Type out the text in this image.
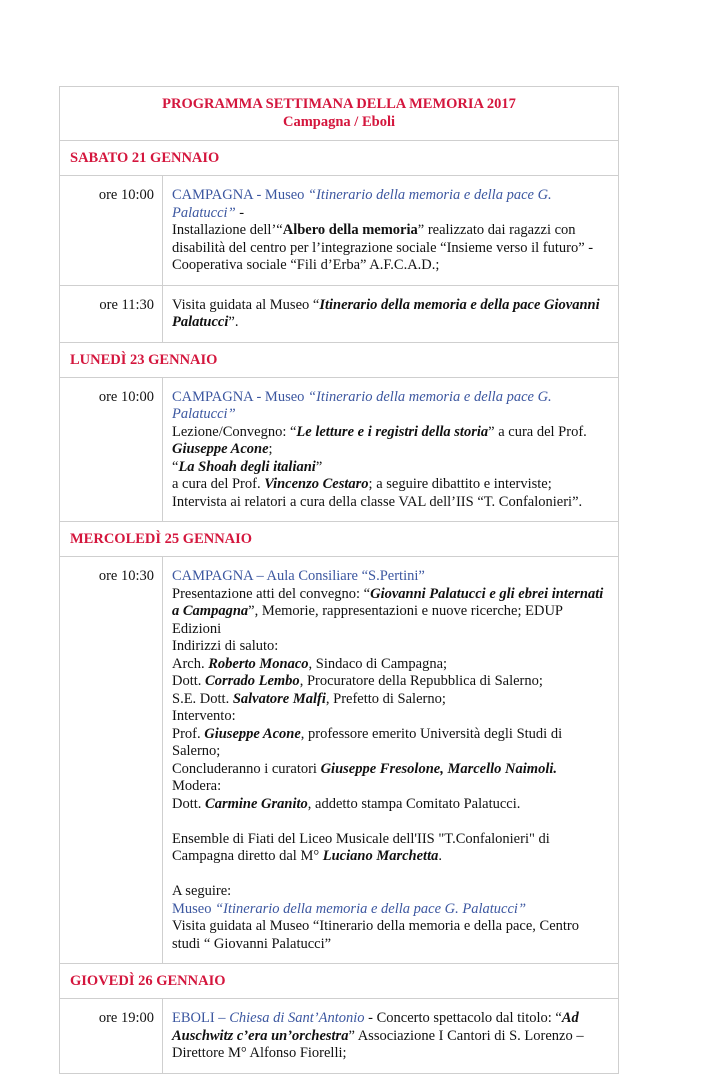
PROGRAMMA SETTIMANA DELLA MEMORIA 2017
Campagna / Eboli
SABATO 21 GENNAIO
ore 10:00	CAMPAGNA - Museo “Itinerario della memoria e della pace G. Palatucci” -
Installazione dell’“Albero della memoria” realizzato dai ragazzi con disabilità del centro per l’integrazione sociale “Insieme verso il futuro” - Cooperativa sociale “Fili d’Erba” A.F.C.A.D.;
ore 11:30	Visita guidata al Museo “Itinerario della memoria e della pace Giovanni Palatucci”.
LUNEDÌ 23 GENNAIO
ore 10:00	CAMPAGNA - Museo “Itinerario della memoria e della pace G. Palatucci”
Lezione/Convegno: “Le letture e i registri della storia” a cura del Prof. Giuseppe Acone;
“La Shoah degli italiani”
a cura del Prof. Vincenzo Cestaro; a seguire dibattito e interviste; Intervista ai relatori a cura della classe VAL dell’IIS “T. Confalonieri”.
MERCOLEDÌ 25 GENNAIO
ore 10:30	CAMPAGNA – Aula Consiliare “S.Pertini”
Presentazione atti del convegno: “Giovanni Palatucci e gli ebrei internati a Campagna”, Memorie, rappresentazioni e nuove ricerche; EDUP Edizioni
Indirizzi di saluto:
Arch. Roberto Monaco, Sindaco di Campagna;
Dott. Corrado Lembo, Procuratore della Repubblica di Salerno;
S.E. Dott. Salvatore Malfi, Prefetto di Salerno;
Intervento:
Prof. Giuseppe Acone, professore emerito Università degli Studi di Salerno;
Concluderanno i curatori Giuseppe Fresolone, Marcello Naimoli.
Modera:
Dott. Carmine Granito, addetto stampa Comitato Palatucci.
Ensemble di Fiati del Liceo Musicale dell'IIS "T.Confalonieri" di Campagna diretto dal M° Luciano Marchetta.
A seguire:
Museo “Itinerario della memoria e della pace G. Palatucci”
Visita guidata al Museo “Itinerario della memoria e della pace, Centro studi “ Giovanni Palatucci”
GIOVEDÌ 26 GENNAIO
ore 19:00	EBOLI – Chiesa di Sant’Antonio - Concerto spettacolo dal titolo: “Ad Auschwitz c’era un’orchestra” Associazione I Cantori di S. Lorenzo – Direttore M° Alfonso Fiorelli;
